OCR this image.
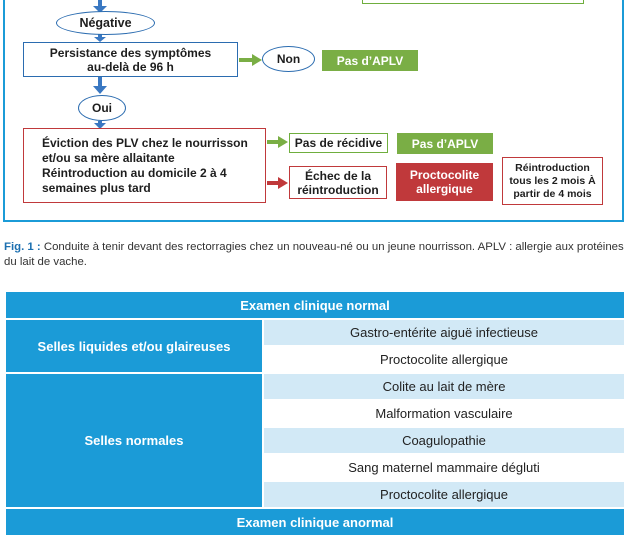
Négative
Persistance des symptômes au-delà de 96 h
Non	Pas d’APLV
Oui
Éviction des PLV chez le nourrisson et/ou sa mère allaitante Réintroduction au domicile 2 à 4 semaines plus tard
Pas de récidive Pas d’APLV
Échec de la réintroduction
Proctocolite allergique
Réintroduction tous les 2 mois À partir de 4 mois
Fig. 1 : Conduite à tenir devant des rectorragies chez un nouveau-né ou un jeune nourrisson. APLV : allergie aux protéines du lait de vache.
Examen clinique normal	
Selles liquides et/ou glaireuses	Gastro-entérite aiguë infectieuse
	Proctocolite allergique
Selles normales	Colite au lait de mère
	Malformation vasculaire
	Coagulopathie
	Sang maternel mammaire dégluti
	Proctocolite allergique
Examen clinique anormal	
